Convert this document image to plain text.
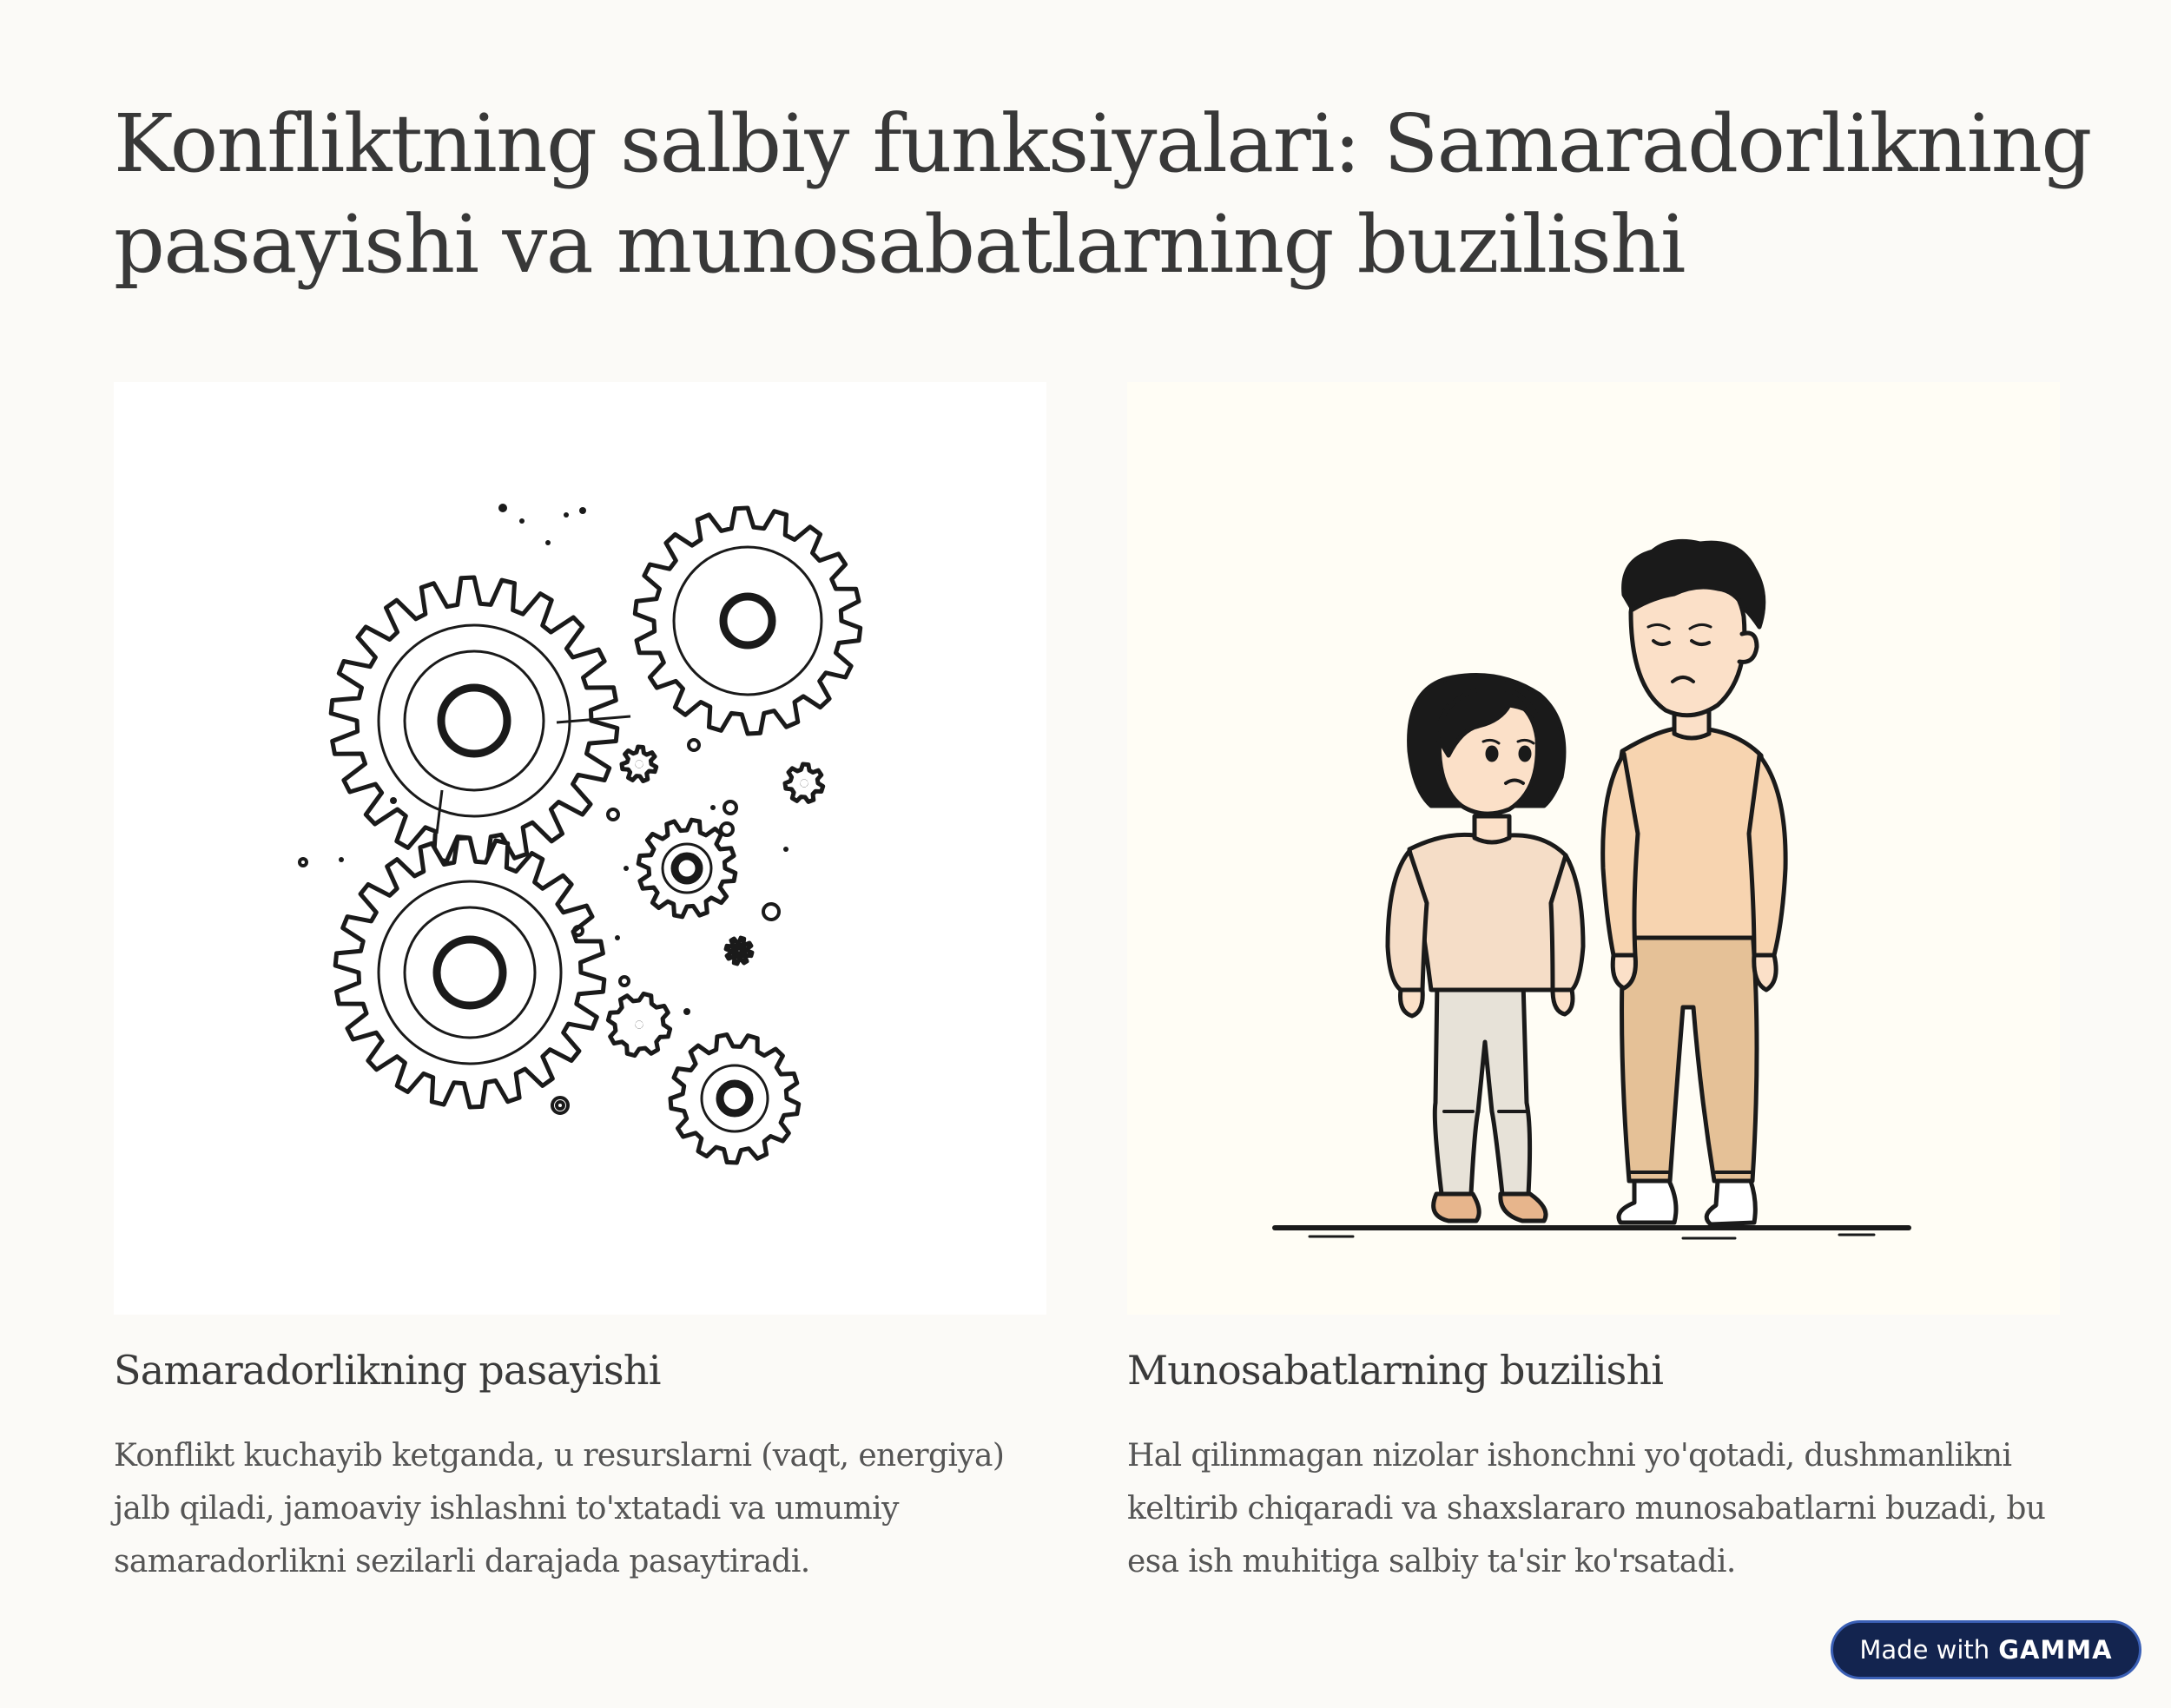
Konfliktning salbiy funksiyalari: Samaradorlikning pasayishi va munosabatlarning buzilishi
Samaradorlikning pasayishi

Konflikt kuchayib ketganda, u resurslarni (vaqt, energiya) jalb qiladi, jamoaviy ishlashni to'xtatadi va umumiy samaradorlikni sezilarli darajada pasaytiradi.

Munosabatlarning buzilishi

Hal qilinmagan nizolar ishonchni yo'qotadi, dushmanlikni keltirib chiqaradi va shaxslararo munosabatlarni buzadi, bu esa ish muhitiga salbiy ta'sir ko'rsatadi.

Made with GAMMA
